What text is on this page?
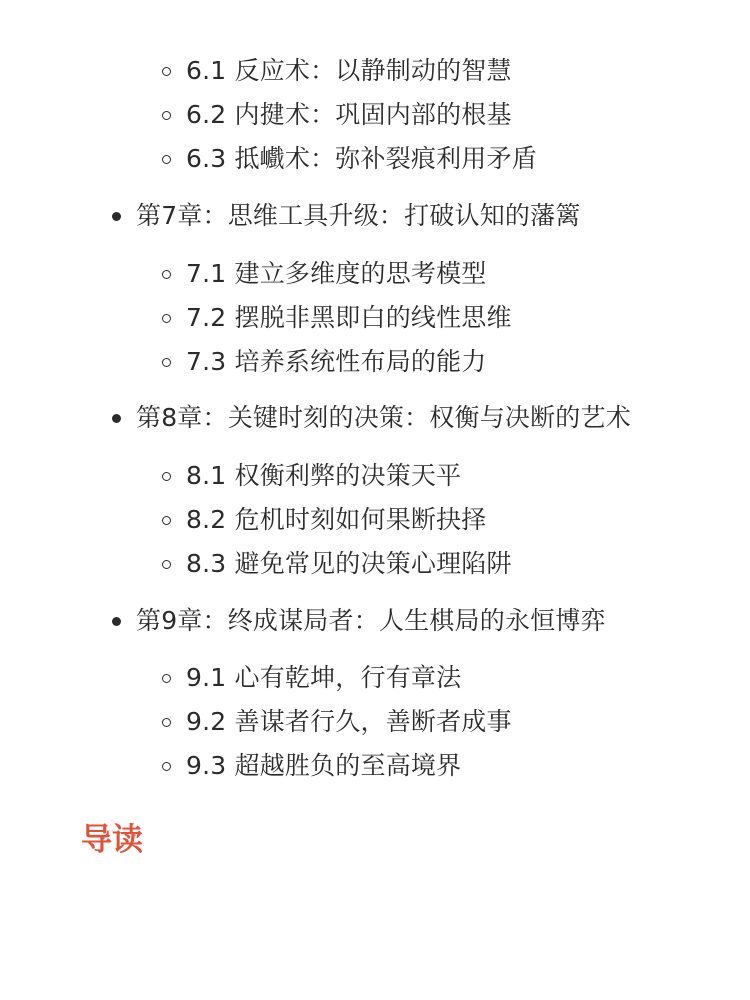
6.1 反应术：以静制动的智慧
6.2 内揵术：巩固内部的根基
6.3 抵巇术：弥补裂痕利用矛盾
第7章：思维工具升级：打破认知的藩篱
7.1 建立多维度的思考模型
7.2 摆脱非黑即白的线性思维
7.3 培养系统性布局的能力
第8章：关键时刻的决策：权衡与决断的艺术
8.1 权衡利弊的决策天平
8.2 危机时刻如何果断抉择
8.3 避免常见的决策心理陷阱
第9章：终成谋局者：人生棋局的永恒博弈
9.1 心有乾坤，行有章法
9.2 善谋者行久，善断者成事
9.3 超越胜负的至高境界
导读
